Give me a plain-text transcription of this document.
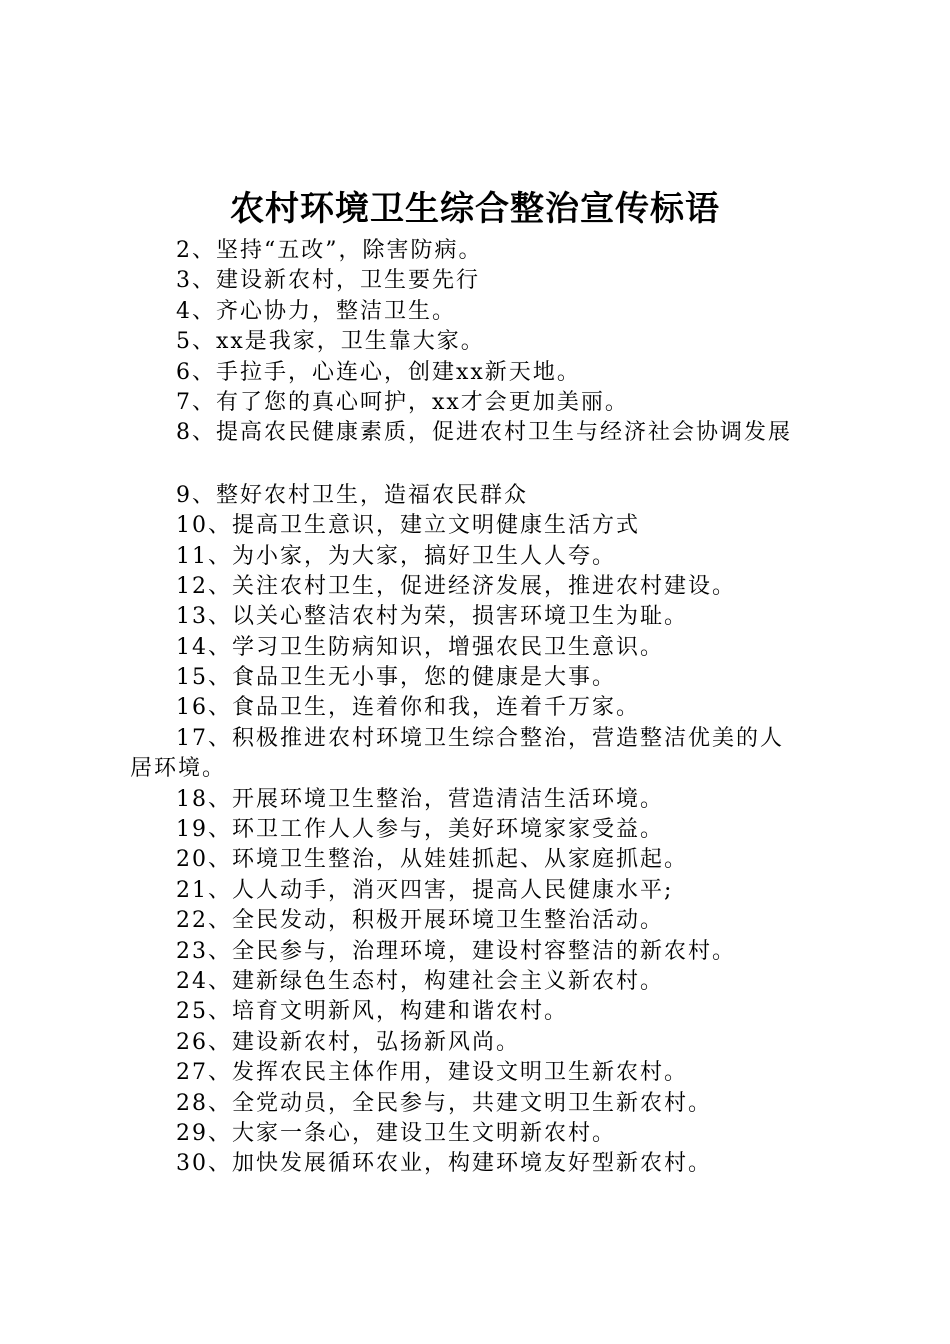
农村环境卫生综合整治宣传标语
2、坚持“五改”，除害防病。
3、建设新农村，卫生要先行
4、齐心协力，整洁卫生。
5、xx是我家，卫生靠大家。
6、手拉手，心连心，创建xx新天地。
7、有了您的真心呵护，xx才会更加美丽。
8、提高农民健康素质，促进农村卫生与经济社会协调发展
9、整好农村卫生，造福农民群众
10、提高卫生意识，建立文明健康生活方式
11、为小家，为大家，搞好卫生人人夸。
12、关注农村卫生，促进经济发展，推进农村建设。
13、以关心整洁农村为荣，损害环境卫生为耻。
14、学习卫生防病知识，增强农民卫生意识。
15、食品卫生无小事，您的健康是大事。
16、食品卫生，连着你和我，连着千万家。
17、积极推进农村环境卫生综合整治，营造整洁优美的人
居环境。
18、开展环境卫生整治，营造清洁生活环境。
19、环卫工作人人参与，美好环境家家受益。
20、环境卫生整治，从娃娃抓起、从家庭抓起。
21、人人动手，消灭四害，提高人民健康水平;
22、全民发动，积极开展环境卫生整治活动。
23、全民参与，治理环境，建设村容整洁的新农村。
24、建新绿色生态村，构建社会主义新农村。
25、培育文明新风，构建和谐农村。
26、建设新农村，弘扬新风尚。
27、发挥农民主体作用，建设文明卫生新农村。
28、全党动员，全民参与，共建文明卫生新农村。
29、大家一条心，建设卫生文明新农村。
30、加快发展循环农业，构建环境友好型新农村。
